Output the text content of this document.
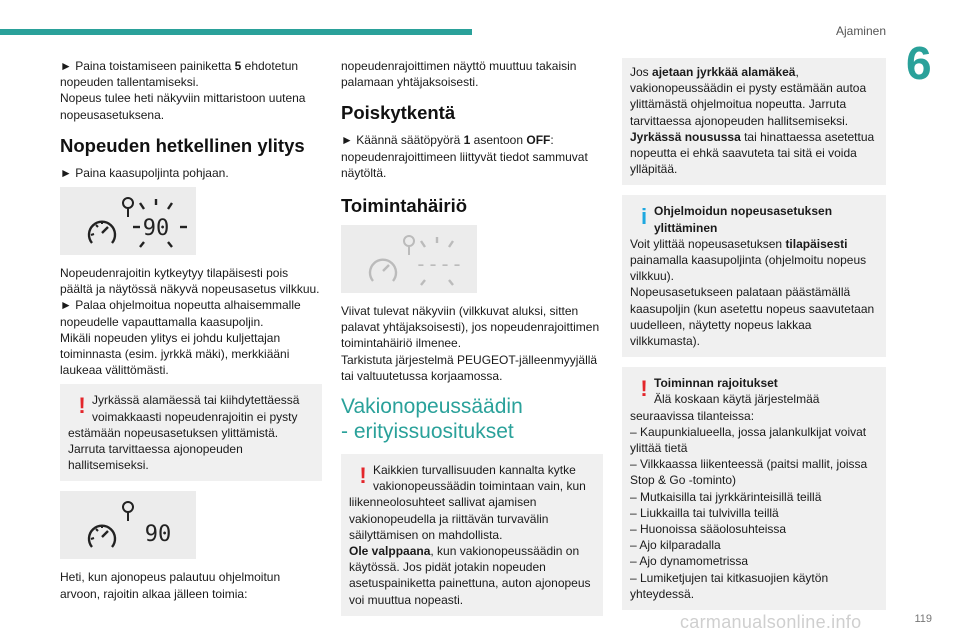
Ajaminen
6

► Paina toistamiseen painiketta 5 ehdotetun nopeuden tallentamiseksi.

Nopeus tulee heti näkyviin mittaristoon uutena nopeusasetuksena.

Nopeuden hetkellinen ylitys

► Paina kaasupoljinta pohjaan.

90

Nopeudenrajoitin kytkeytyy tilapäisesti pois päältä ja näytössä näkyvä nopeusasetus vilkkuu.

► Palaa ohjelmoitua nopeutta alhaisemmalle nopeudelle vapauttamalla kaasupoljin.

Mikäli nopeuden ylitys ei johdu kuljettajan toiminnasta (esim. jyrkkä mäki), merkkiääni laukeaa välittömästi.

! Jyrkässä alamäessä tai kiihdytettäessä voimakkaasti nopeudenrajoitin ei pysty

estämään nopeusasetuksen ylittämistä.

Jarruta tarvittaessa ajonopeuden hallitsemiseksi.

90

Heti, kun ajonopeus palautuu ohjelmoitun arvoon, rajoitin alkaa jälleen toimia:

nopeudenrajoittimen näyttö muuttuu takaisin palamaan yhtäjaksoisesti.

Poiskytkentä

► Käännä säätöpyörä 1 asentoon OFF: nopeudenrajoittimeen liittyvät tiedot sammuvat näytöltä.

Toimintahäiriö
----

Viivat tulevat näkyviin (vilkkuvat aluksi, sitten palavat yhtäjaksoisesti), jos nopeudenrajoittimen toimintahäiriö ilmenee.

Tarkistuta järjestelmä PEUGEOT-jälleenmyyjällä tai valtuutetussa korjaamossa.

Vakionopeussäädin
- erityissuositukset
! Kaikkien turvallisuuden kannalta kytke vakionopeussäädin toimintaan vain, kun

liikenneolosuhteet sallivat ajamisen vakionopeudella ja riittävän turvavälin säilyttämisen on mahdollista.

Ole valppaana, kun vakionopeussäädin on käytössä. Jos pidät jotakin nopeuden asetuspainiketta painettuna, auton ajonopeus voi muuttua nopeasti.

Jos ajetaan jyrkkää alamäkeä, vakionopeussäädin ei pysty estämään autoa ylittämästä ohjelmoitua nopeutta. Jarruta tarvittaessa ajonopeuden hallitsemiseksi.

Jyrkässä nousussa tai hinattaessa asetettua nopeutta ei ehkä saavuteta tai sitä ei voida ylläpitää.

i Ohjelmoidun nopeusasetuksen
ylittäminen

Voit ylittää nopeusasetuksen tilapäisesti painamalla kaasupoljinta (ohjelmoitu nopeus vilkkuu).

Nopeusasetukseen palataan päästämällä kaasupoljin (kun asetettu nopeus saavutetaan uudelleen, näytetty nopeus lakkaa vilkkumasta).

! Toiminnan rajoitukset
Älä koskaan käytä järjestelmää

seuraavissa tilanteissa:

– Kaupunkialueella, jossa jalankulkijat voivat ylittää tietä

– Vilkkaassa liikenteessä (paitsi mallit, joissa Stop & Go -tominto)

– Mutkaisilla tai jyrkkärinteisillä teillä

– Liukkailla tai tulvivilla teillä

– Huonoissa sääolosuhteissa

– Ajo kilparadalla

– Ajo dynamometrissa

– Lumiketjujen tai kitkasuojien käytön yhteydessä.

carmanualsonline.info	119
